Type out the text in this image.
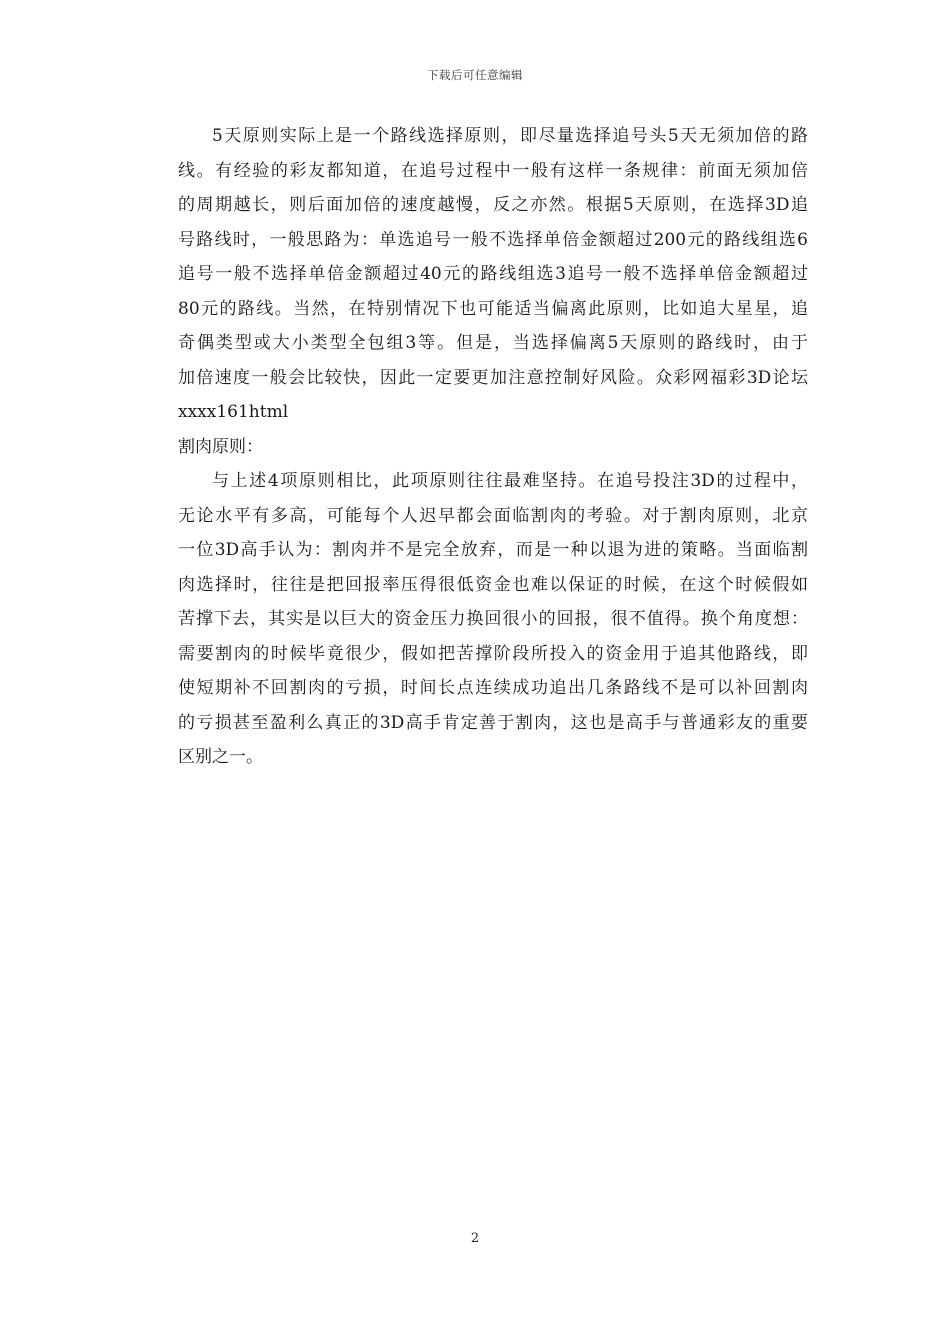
下载后可任意编辑
5天原则实际上是一个路线选择原则，即尽量选择追号头5天无须加倍的路
线。有经验的彩友都知道，在追号过程中一般有这样一条规律：前面无须加倍
的周期越长，则后面加倍的速度越慢，反之亦然。根据5天原则，在选择3D追
号路线时，一般思路为：单选追号一般不选择单倍金额超过200元的路线组选6
追号一般不选择单倍金额超过40元的路线组选3追号一般不选择单倍金额超过
80元的路线。当然，在特别情况下也可能适当偏离此原则，比如追大星星，追
奇偶类型或大小类型全包组3等。但是，当选择偏离5天原则的路线时，由于
加倍速度一般会比较快，因此一定要更加注意控制好风险。众彩网福彩3D论坛
xxxx161html
割肉原则：
与上述4项原则相比，此项原则往往最难坚持。在追号投注3D的过程中，
无论水平有多高，可能每个人迟早都会面临割肉的考验。对于割肉原则，北京
一位3D高手认为：割肉并不是完全放弃，而是一种以退为进的策略。当面临割
肉选择时，往往是把回报率压得很低资金也难以保证的时候，在这个时候假如
苦撑下去，其实是以巨大的资金压力换回很小的回报，很不值得。换个角度想：
需要割肉的时候毕竟很少，假如把苦撑阶段所投入的资金用于追其他路线，即
使短期补不回割肉的亏损，时间长点连续成功追出几条路线不是可以补回割肉
的亏损甚至盈利么真正的3D高手肯定善于割肉，这也是高手与普通彩友的重要
区别之一。
2
